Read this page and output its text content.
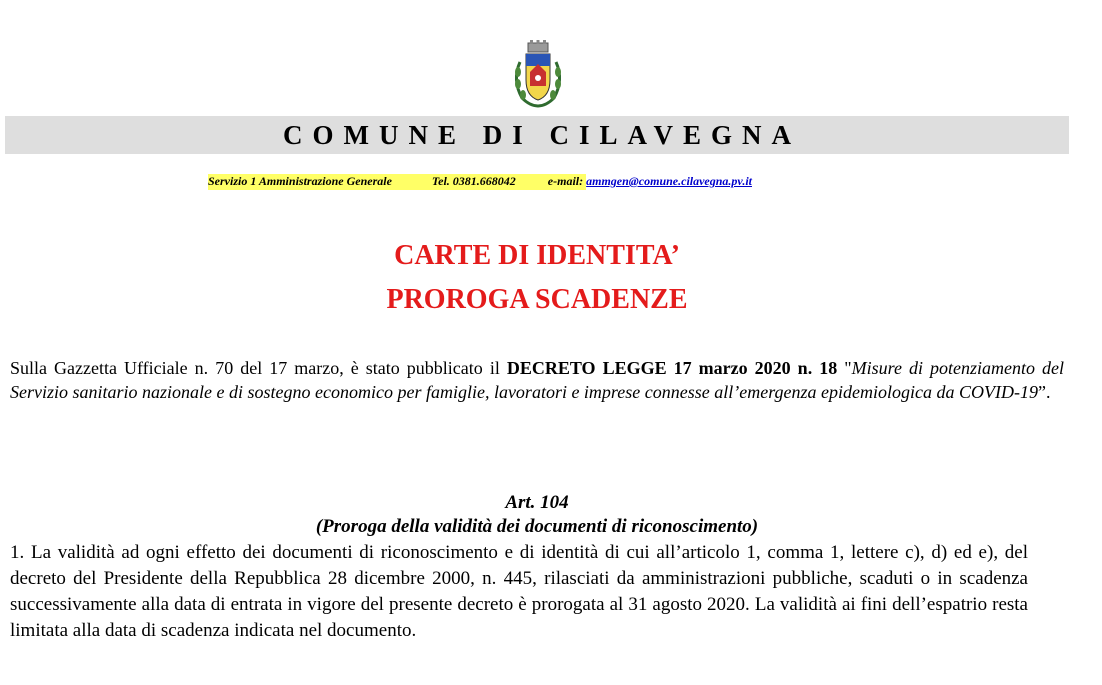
COMUNE DI CILAVEGNA
Servizio 1 Amministrazione Generale	Tel. 0381.668042	e-mail:
ammgen@comune.cilavegna.pv.it
CARTE DI IDENTITA’
PROROGA SCADENZE

Sulla Gazzetta Ufficiale n. 70 del 17 marzo, è stato pubblicato il DECRETO LEGGE 17 marzo 2020 n. 18 "Misure di potenziamento del Servizio sanitario nazionale e di sostegno economico per famiglie, lavoratori e imprese connesse all’emergenza epidemiologica da COVID-19”.

Art. 104
(Proroga della validità dei documenti di riconoscimento)

1. La validità ad ogni effetto dei documenti di riconoscimento e di identità di cui all’articolo 1, comma 1, lettere c), d) ed e), del decreto del Presidente della Repubblica 28 dicembre 2000, n. 445, rilasciati da amministrazioni pubbliche, scaduti o in scadenza successivamente alla data di entrata in vigore del presente decreto è prorogata al 31 agosto 2020. La validità ai fini dell’espatrio resta limitata alla data di scadenza indicata nel documento.
